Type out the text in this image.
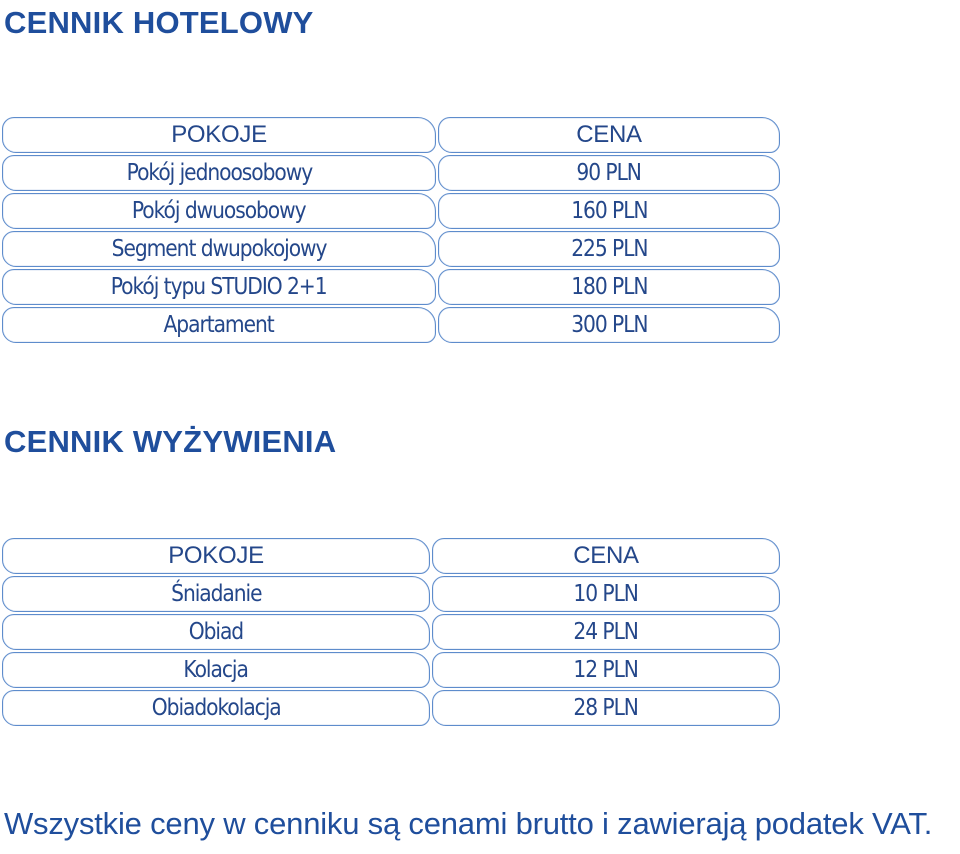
CENNIK HOTELOWY
POKOJE	CENA
Pokój jednoosobowy	90 PLN
Pokój dwuosobowy	160 PLN
Segment dwupokojowy	225 PLN
Pokój typu STUDIO 2+1	180 PLN
Apartament	300 PLN
CENNIK WYŻYWIENIA
POKOJE	CENA
Śniadanie	10 PLN
Obiad	24 PLN
Kolacja	12 PLN
Obiadokolacja	28 PLN

Wszystkie ceny w cenniku są cenami brutto i zawierają podatek VAT.
